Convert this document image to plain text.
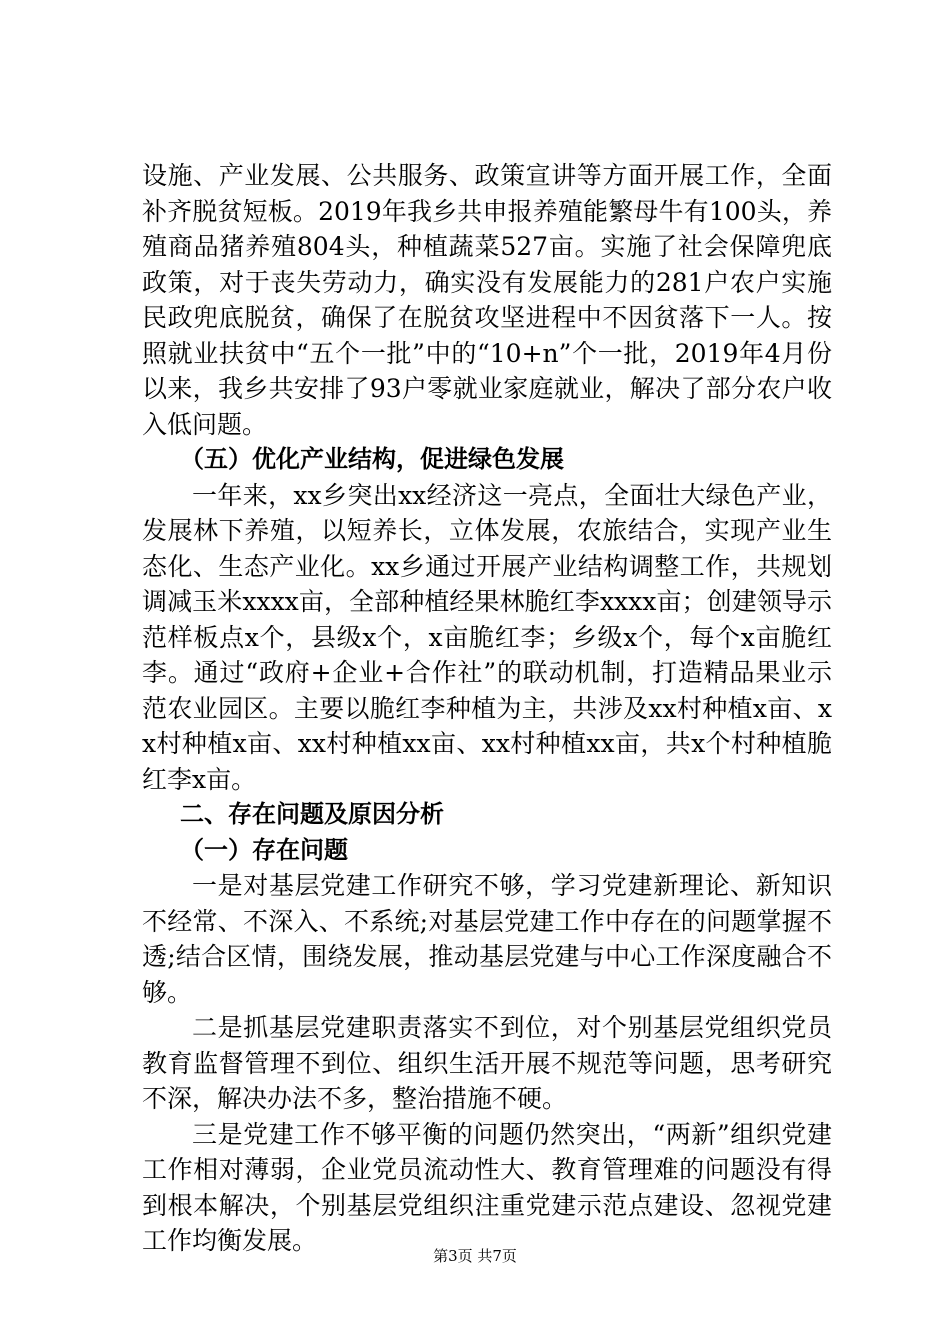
设施、产业发展、公共服务、政策宣讲等方面开展工作，全面补齐脱贫短板。2019年我乡共申报养殖能繁母牛有100头，养殖商品猪养殖804头，种植蔬菜527亩。实施了社会保障兜底政策，对于丧失劳动力，确实没有发展能力的281户农户实施民政兜底脱贫，确保了在脱贫攻坚进程中不因贫落下一人。按照就业扶贫中“五个一批”中的“10+n”个一批，2019年4月份以来，我乡共安排了93户零就业家庭就业，解决了部分农户收入低问题。

（五）优化产业结构，促进绿色发展

一年来，xx乡突出xx经济这一亮点，全面壮大绿色产业，发展林下养殖，以短养长，立体发展，农旅结合，实现产业生态化、生态产业化。xx乡通过开展产业结构调整工作，共规划调减玉米xxxx亩，全部种植经果林脆红李xxxx亩；创建领导示范样板点x个，县级x个，x亩脆红李；乡级x个，每个x亩脆红李。通过“政府+企业+合作社”的联动机制，打造精品果业示范农业园区。主要以脆红李种植为主，共涉及xx村种植x亩、xx村种植x亩、xx村种植xx亩、xx村种植xx亩，共x个村种植脆红李x亩。

二、存在问题及原因分析

（一）存在问题

一是对基层党建工作研究不够，学习党建新理论、新知识不经常、不深入、不系统;对基层党建工作中存在的问题掌握不透;结合区情，围绕发展，推动基层党建与中心工作深度融合不够。

二是抓基层党建职责落实不到位，对个别基层党组织党员教育监督管理不到位、组织生活开展不规范等问题，思考研究不深，解决办法不多，整治措施不硬。

三是党建工作不够平衡的问题仍然突出，“两新”组织党建工作相对薄弱，企业党员流动性大、教育管理难的问题没有得到根本解决，个别基层党组织注重党建示范点建设、忽视党建工作均衡发展。

第3页 共7页
